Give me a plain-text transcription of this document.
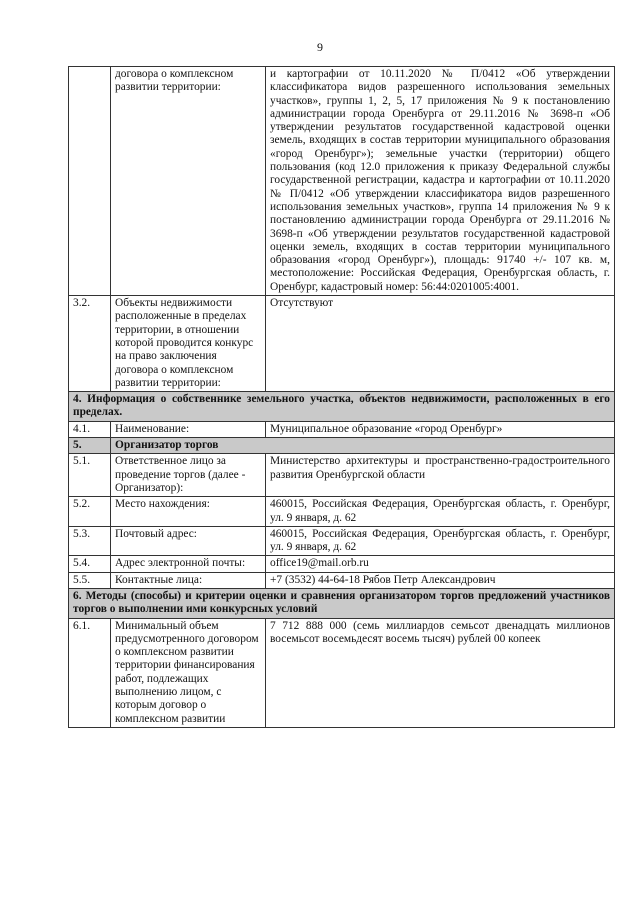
9
	договора о комплексном развитии территории:	и картографии от 10.11.2020 № П/0412 «Об утверждении классификатора видов разрешенного использования земельных участков», группы 1, 2, 5, 17 приложения № 9 к постановлению администрации города Оренбурга от 29.11.2016 № 3698-п «Об утверждении результатов государственной кадастровой оценки земель, входящих в состав территории муниципального образования «город Оренбург»); земельные участки (территории) общего пользования (код 12.0 приложения к приказу Федеральной службы государственной регистрации, кадастра и картографии от 10.11.2020 № П/0412 «Об утверждении классификатора видов разрешенного использования земельных участков», группа 14 приложения № 9 к постановлению администрации города Оренбурга от 29.11.2016 № 3698-п «Об утверждении результатов государственной кадастровой оценки земель, входящих в состав территории муниципального образования «город Оренбург»), площадь: 91740 +/- 107 кв. м, местоположение: Российская Федерация, Оренбургская область, г. Оренбург, кадастровый номер: 56:44:0201005:4001.
3.2.	Объекты недвижимости расположенные в пределах территории, в отношении которой проводится конкурс на право заключения договора о комплексном развитии территории:	Отсутствуют
4. Информация о собственнике земельного участка, объектов недвижимости, расположенных в его пределах.		
4.1.	Наименование:	Муниципальное образование «город Оренбург»
5.	Организатор торгов	
5.1.	Ответственное лицо за проведение торгов (далее - Организатор):	Министерство архитектуры и пространственно-градостроительного развития Оренбургской области
5.2.	Место нахождения:	460015, Российская Федерация, Оренбургская область, г. Оренбург, ул. 9 января, д. 62
5.3.	Почтовый адрес:	460015, Российская Федерация, Оренбургская область, г. Оренбург, ул. 9 января, д. 62
5.4.	Адрес электронной почты:	office19@mail.orb.ru
5.5.	Контактные лица:	+7 (3532) 44-64-18 Рябов Петр Александрович
6. Методы (способы) и критерии оценки и сравнения организатором торгов предложений участников торгов о выполнении ими конкурсных условий		
6.1.	Минимальный объем предусмотренного договором о комплексном развитии территории финансирования работ, подлежащих выполнению лицом, с которым договор о комплексном развитии	7 712 888 000 (семь миллиардов семьсот двенадцать миллионов восемьсот восемьдесят восемь тысяч) рублей 00 копеек
